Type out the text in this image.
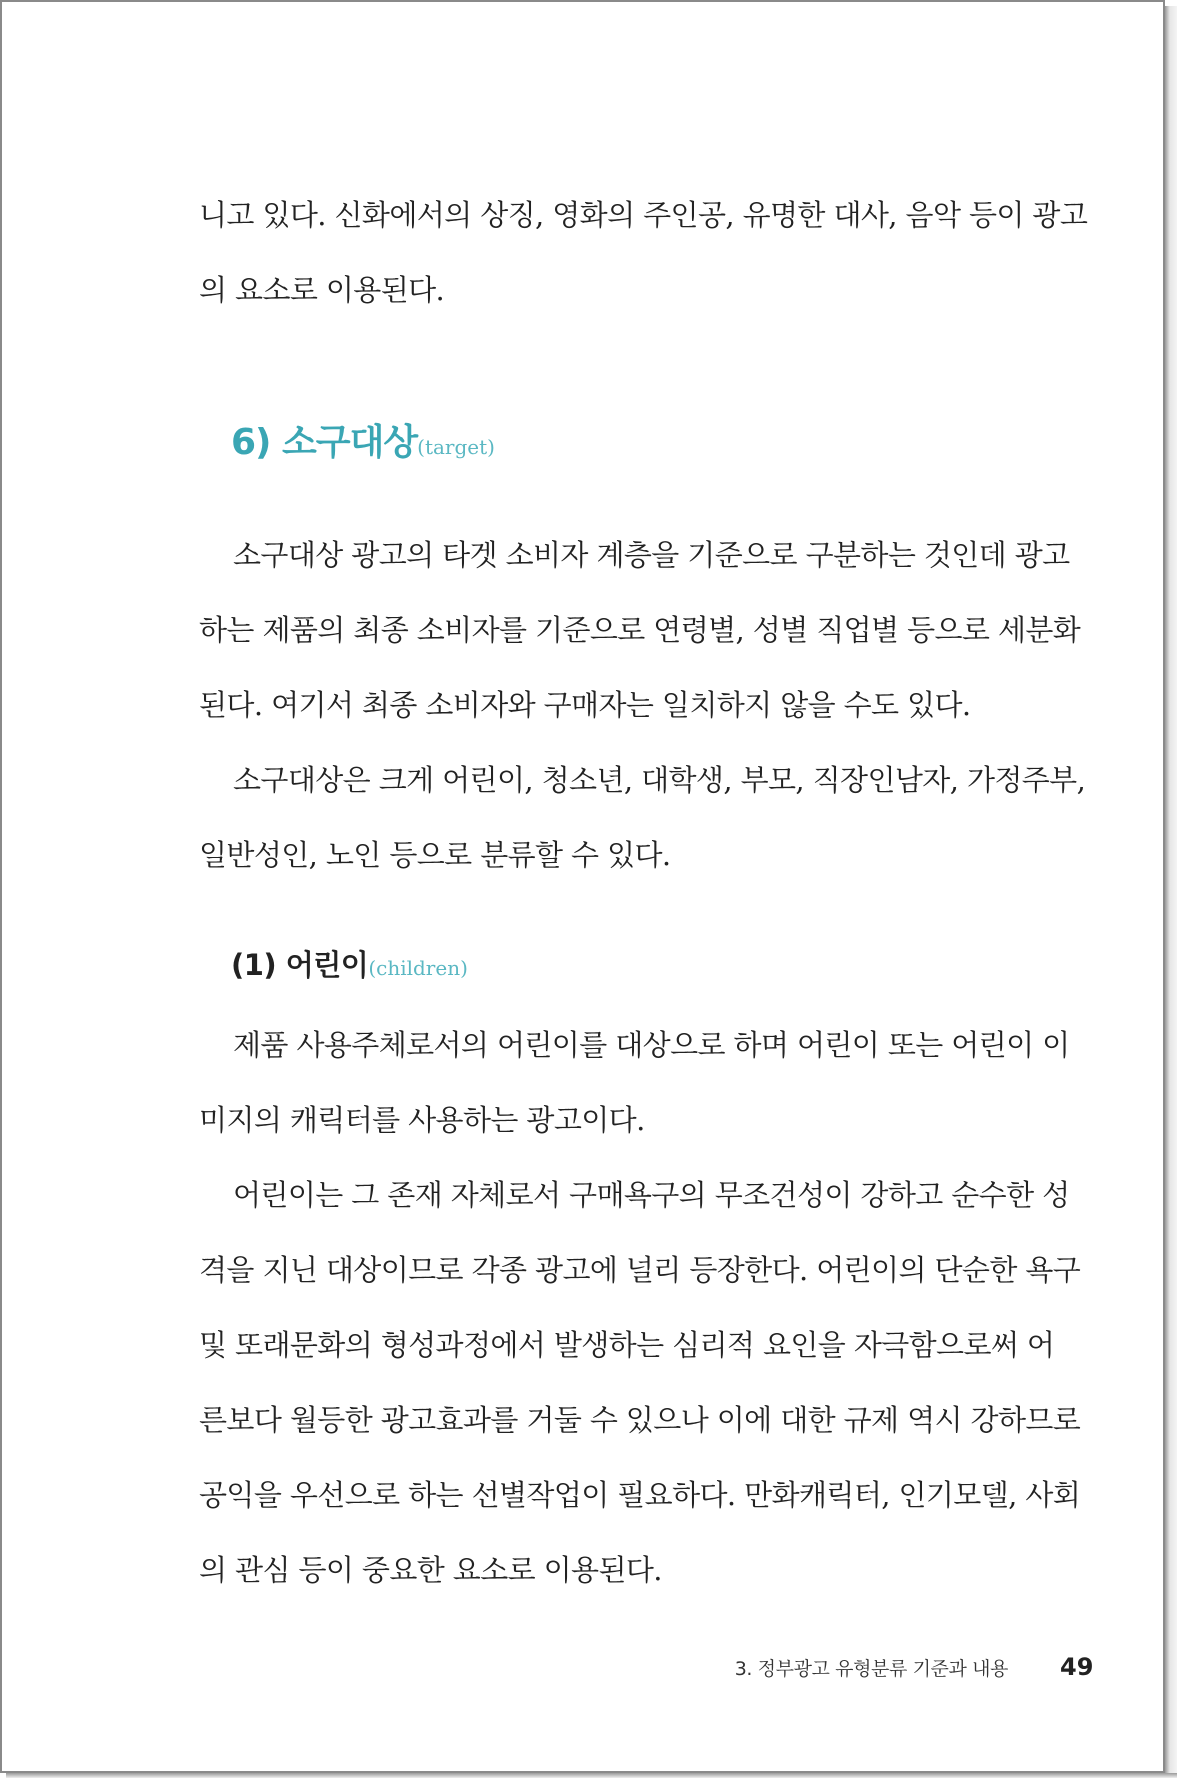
니고 있다. 신화에서의 상징, 영화의 주인공, 유명한 대사, 음악 등이 광고
의 요소로 이용된다.
6) 소구대상(target)
소구대상 광고의 타겟 소비자 계층을 기준으로 구분하는 것인데 광고
하는 제품의 최종 소비자를 기준으로 연령별, 성별 직업별 등으로 세분화
된다. 여기서 최종 소비자와 구매자는 일치하지 않을 수도 있다.
소구대상은 크게 어린이, 청소년, 대학생, 부모, 직장인남자, 가정주부,
일반성인, 노인 등으로 분류할 수 있다.
(1) 어린이(children)
제품 사용주체로서의 어린이를 대상으로 하며 어린이 또는 어린이 이
미지의 캐릭터를 사용하는 광고이다.
어린이는 그 존재 자체로서 구매욕구의 무조건성이 강하고 순수한 성
격을 지닌 대상이므로 각종 광고에 널리 등장한다. 어린이의 단순한 욕구
및 또래문화의 형성과정에서 발생하는 심리적 요인을 자극함으로써 어
른보다 월등한 광고효과를 거둘 수 있으나 이에 대한 규제 역시 강하므로
공익을 우선으로 하는 선별작업이 필요하다. 만화캐릭터, 인기모델, 사회
의 관심 등이 중요한 요소로 이용된다.
3. 정부광고 유형분류 기준과 내용 49
